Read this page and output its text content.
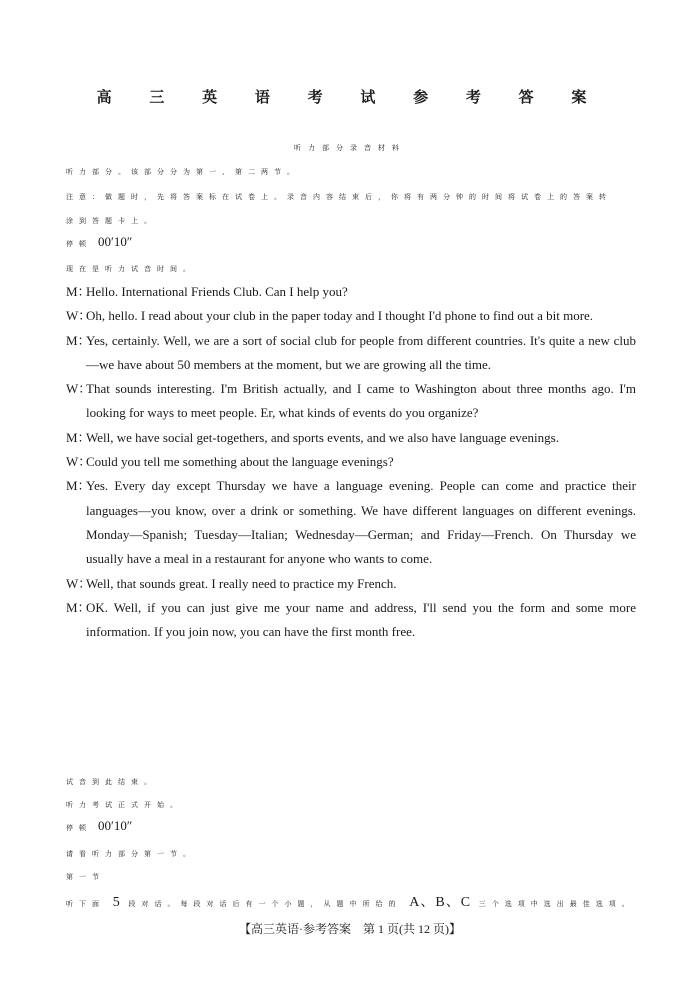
高 三 英 语 考 试 参 考 答 案
听力部分录音材料
听力部分。该部分分为第一、第二两节。
注意：做题时，先将答案标在试卷上。录音内容结束后，你将有两分钟的时间将试卷上的答案转
涂到答题卡上。
停顿 00′10″
现在是听力试音时间。
M：
Hello. International Friends Club. Can I help you?
W：
Oh, hello. I read about your club in the paper today and I thought I'd phone to find out a bit more.
M：
Yes, certainly. Well, we are a sort of social club for people from different countries. It's quite a new club—we have about 50 members at the moment, but we are growing all the time.
W：
That sounds interesting. I'm British actually, and I came to Washington about three months ago. I'm looking for ways to meet people. Er, what kinds of events do you organize?
M：
Well, we have social get-togethers, and sports events, and we also have language evenings.
W：
Could you tell me something about the language evenings?
M：
Yes. Every day except Thursday we have a language evening. People can come and practice their languages—you know, over a drink or something. We have different languages on different evenings. Monday—Spanish; Tuesday—Italian; Wednesday—German; and Friday—French. On Thursday we usually have a meal in a restaurant for anyone who wants to come.
W：
Well, that sounds great. I really need to practice my French.
M：
OK. Well, if you can just give me your name and address, I'll send you the form and some more information. If you join now, you can have the first month free.
试音到此结束。
听力考试正式开始。
停顿 00′10″
请看听力部分第一节。
第一节
听下面 5 段对话。每段对话后有一个小题，从题中所给的 A、B、C 三个选项中选出最佳选项。
【高三英语·参考答案　第 1 页(共 12 页)】
